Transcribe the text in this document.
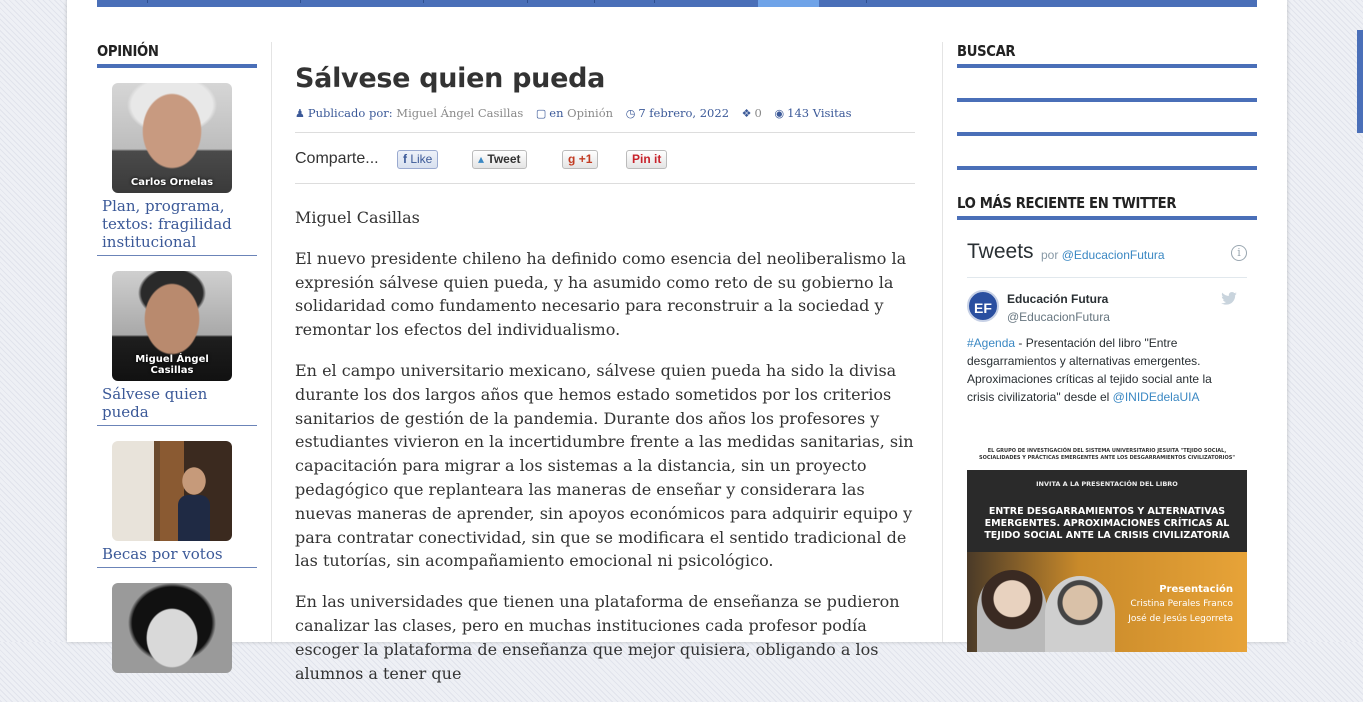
OPINIÓN
Carlos Ornelas
Plan, programa, textos: fragilidad institucional
Miguel Ángel Casillas
Sálvese quien pueda
Becas por votos
Sálvese quien pueda
♟ Publicado por: Miguel Ángel Casillas ▢ en Opinión ◷ 7 febrero, 2022 ❖ 0 ◉ 143 Visitas
Comparte...	f Like	▴ Tweet	g +1	Pin it

Miguel Casillas

El nuevo presidente chileno ha definido como esencia del neoliberalismo la expresión sálvese quien pueda, y ha asumido como reto de su gobierno la solidaridad como fundamento necesario para reconstruir a la sociedad y remontar los efectos del individualismo.

En el campo universitario mexicano, sálvese quien pueda ha sido la divisa durante los dos largos años que hemos estado sometidos por los criterios sanitarios de gestión de la pandemia. Durante dos años los profesores y estudiantes vivieron en la incertidumbre frente a las medidas sanitarias, sin capacitación para migrar a los sistemas a la distancia, sin un proyecto pedagógico que replanteara las maneras de enseñar y considerara las nuevas maneras de aprender, sin apoyos económicos para adquirir equipo y para contratar conectividad, sin que se modificara el sentido tradicional de las tutorías, sin acompañamiento emocional ni psicológico.

En las universidades que tienen una plataforma de enseñanza se pudieron canalizar las clases, pero en muchas instituciones cada profesor podía escoger la plataforma de enseñanza que mejor quisiera, obligando a los alumnos a tener que

BUSCAR
LO MÁS RECIENTE EN TWITTER
Tweets por @EducacionFutura	i
EF
Educación Futura
@EducacionFutura
#Agenda - Presentación del libro "Entre desgarramientos y alternativas emergentes. Aproximaciones críticas al tejido social ante la crisis civilizatoria" desde el @INIDEdelaUIA
EL GRUPO DE INVESTIGACIÓN DEL SISTEMA UNIVERSITARIO JESUITA "TEJIDO SOCIAL, SOCIALIDADES Y PRÁCTICAS EMERGENTES ANTE LOS DESGARRAMIENTOS CIVILIZATORIOS"
INVITA A LA PRESENTACIÓN DEL LIBRO
ENTRE DESGARRAMIENTOS Y ALTERNATIVAS EMERGENTES. APROXIMACIONES CRÍTICAS AL TEJIDO SOCIAL ANTE LA CRISIS CIVILIZATORIA
Presentación
Cristina Perales Franco
José de Jesús Legorreta
